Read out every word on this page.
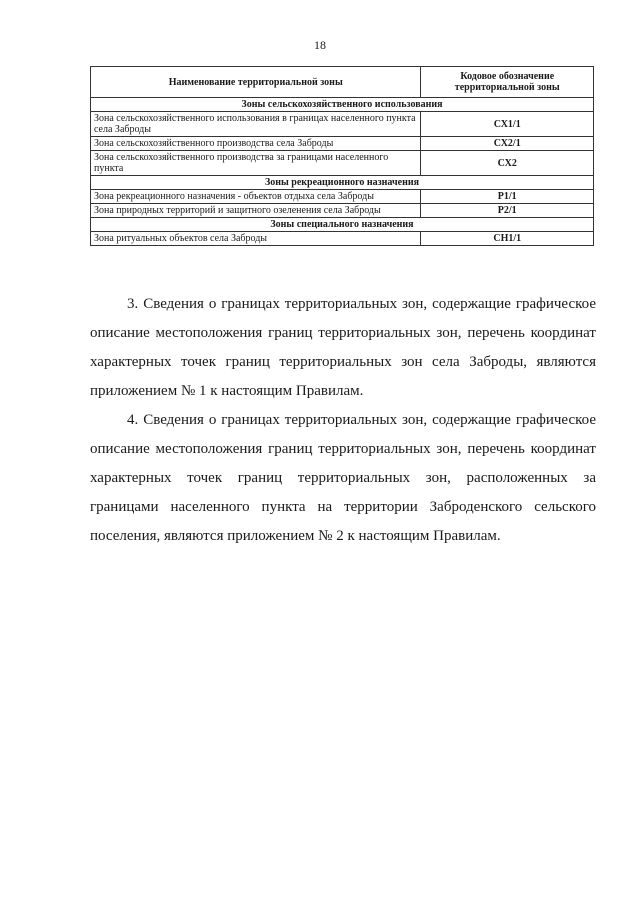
18
Наименование территориальной зоны	Кодовое обозначение территориальной зоны
Зоны сельскохозяйственного использования	
Зона сельскохозяйственного использования в границах населенного пункта села Заброды	СХ1/1
Зона сельскохозяйственного производства села Заброды	СХ2/1
Зона сельскохозяйственного производства за границами населенного пункта	СХ2
Зоны рекреационного назначения	
Зона рекреационного назначения - объектов отдыха села Заброды	Р1/1
Зона природных территорий и защитного озеленения села Заброды	Р2/1
Зоны специального назначения	
Зона ритуальных объектов села Заброды	СН1/1

3. Сведения о границах территориальных зон, содержащие графическое описание местоположения границ территориальных зон, перечень координат характерных точек границ территориальных зон села Заброды, являются приложением № 1 к настоящим Правилам.

4. Сведения о границах территориальных зон, содержащие графическое описание местоположения границ территориальных зон, перечень координат характерных точек границ территориальных зон, расположенных за границами населенного пункта на территории Заброденского сельского поселения, являются приложением № 2 к настоящим Правилам.
